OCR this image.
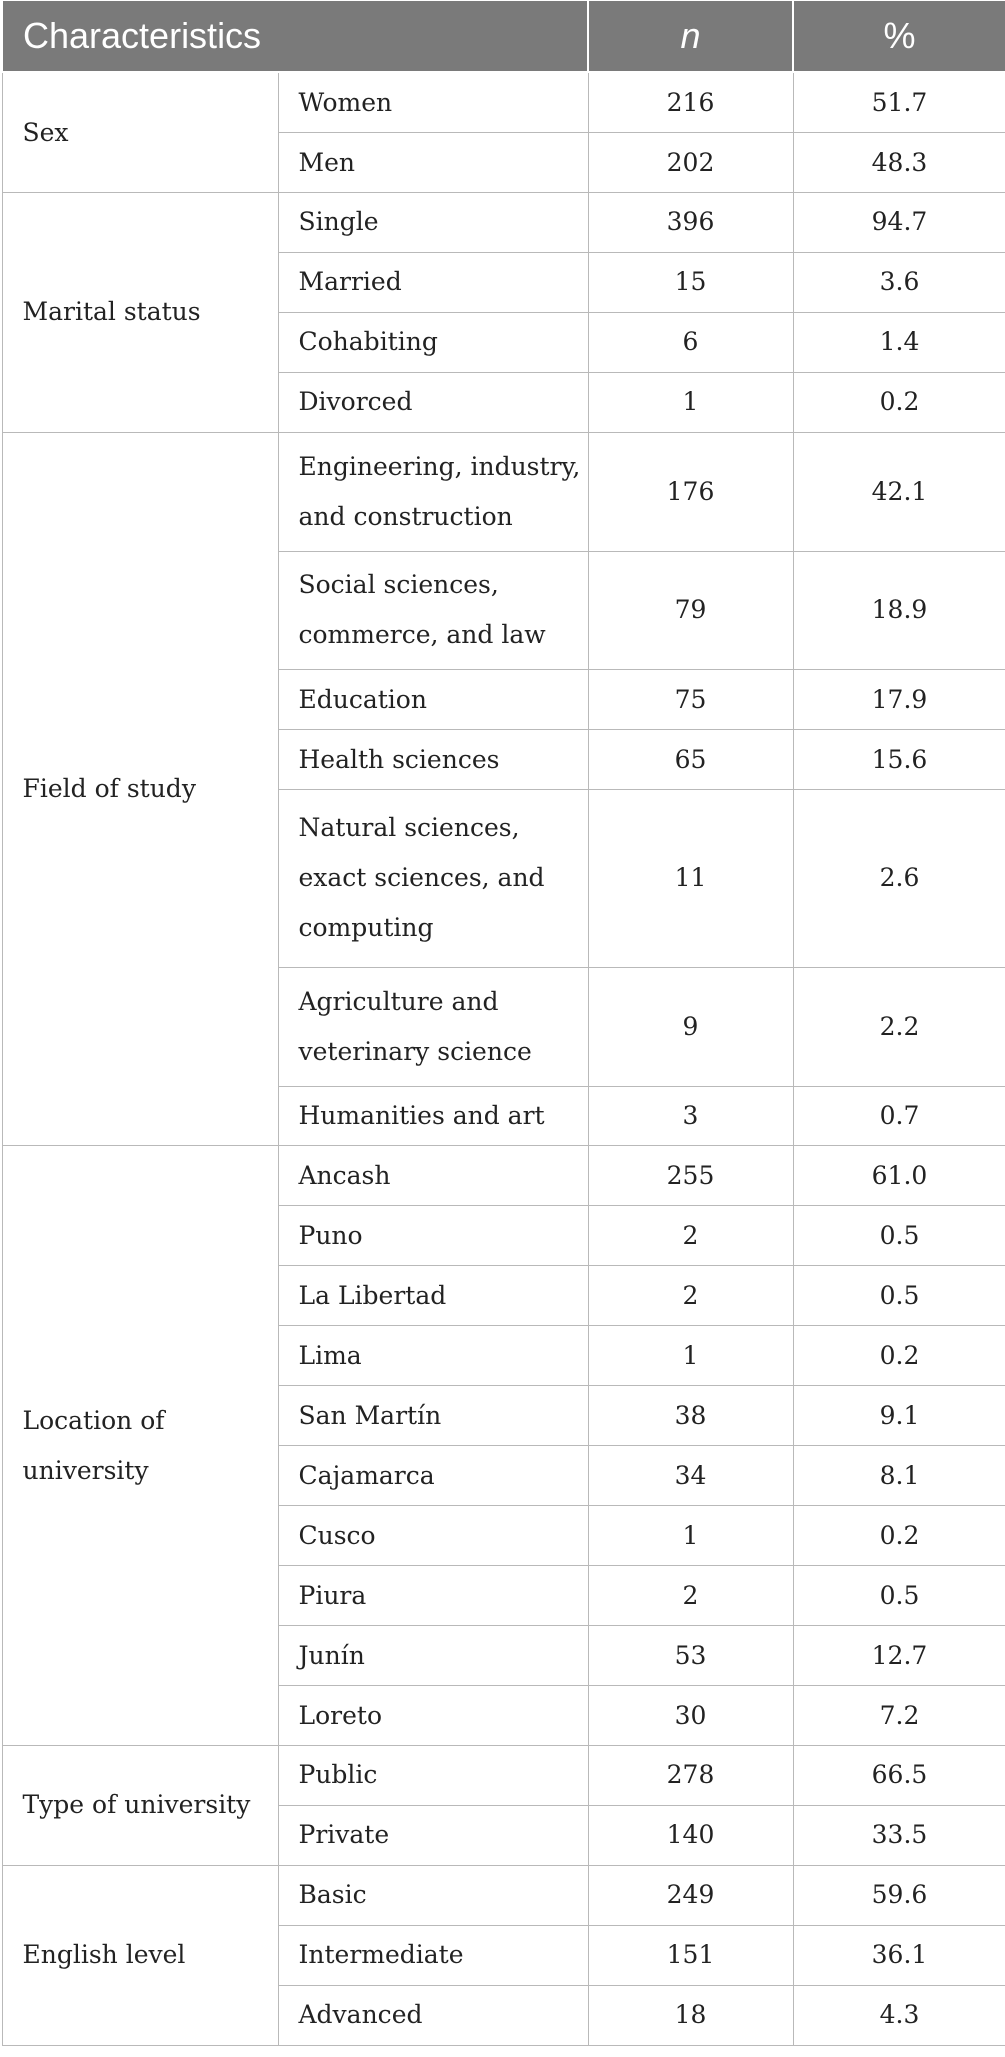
Characteristics		n	%
Sex	Women	216	51.7
	Men	202	48.3
Marital status	Single	396	94.7
	Married	15	3.6
	Cohabiting	6	1.4
	Divorced	1	0.2
Field of study	Engineering, industry, and construction	176	42.1
	Social sciences, commerce, and law	79	18.9
	Education	75	17.9
	Health sciences	65	15.6
	Natural sciences, exact sciences, and computing	11	2.6
	Agriculture and veterinary science	9	2.2
	Humanities and art	3	0.7
Location of university	Ancash	255	61.0
	Puno	2	0.5
	La Libertad	2	0.5
	Lima	1	0.2
	San Martín	38	9.1
	Cajamarca	34	8.1
	Cusco	1	0.2
	Piura	2	0.5
	Junín	53	12.7
	Loreto	30	7.2
Type of university	Public	278	66.5
	Private	140	33.5
English level	Basic	249	59.6
	Intermediate	151	36.1
	Advanced	18	4.3
